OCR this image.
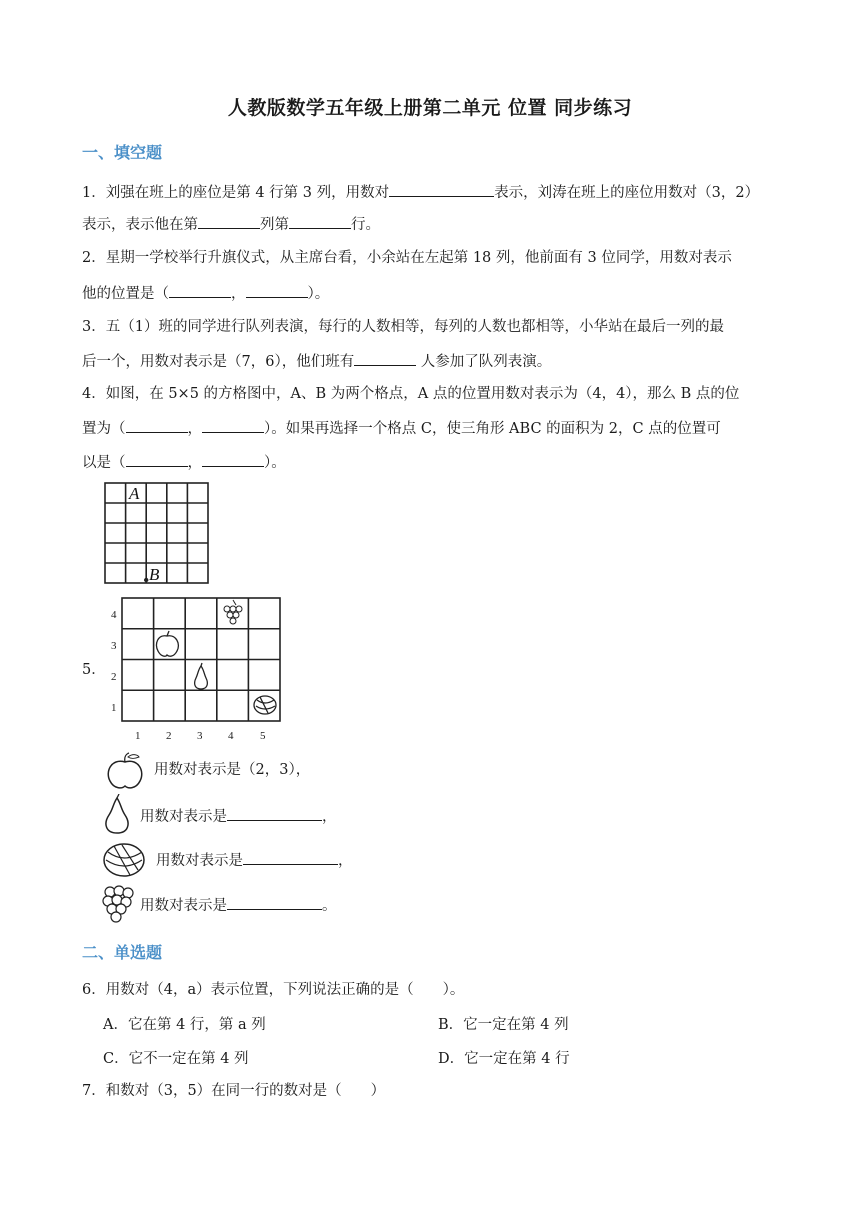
人教版数学五年级上册第二单元 位置 同步练习
一、填空题
1．刘强在班上的座位是第 4 行第 3 列，用数对	表示，刘涛在班上的座位用数对（3，2）
表示，表示他在第	列第	行。
2．星期一学校举行升旗仪式，从主席台看，小余站在左起第 18 列，他前面有 3 位同学，用数对表示
他的位置是（	，	）。
3．五（1）班的同学进行队列表演，每行的人数相等，每列的人数也都相等，小华站在最后一列的最
后一个，用数对表示是（7，6），他们班有	人参加了队列表演。
4．如图，在 5×5 的方格图中，A、B 为两个格点，A 点的位置用数对表示为（4，4），那么 B 点的位
置为（	，	）。如果再选择一个格点 C，使三角形 ABC 的面积为 2，C 点的位置可
以是（	，	）。
A
B
5．
4
3
2
1
1 2 3 4 5
用数对表示是（2，3），
用数对表示是	，
用数对表示是	，
用数对表示是	。
二、单选题
6．用数对（4，a）表示位置，下列说法正确的是（　　）。
A．它在第 4 行，第 a 列	B．它一定在第 4 列
C．它不一定在第 4 列	D．它一定在第 4 行
7．和数对（3，5）在同一行的数对是（　　）
